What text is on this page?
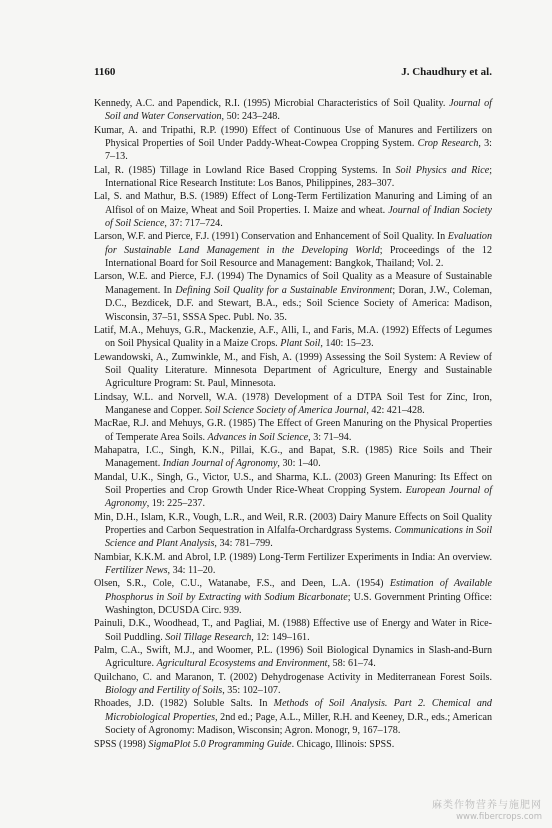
1160	J. Chaudhury et al.

Kennedy, A.C. and Papendick, R.I. (1995) Microbial Characteristics of Soil Quality. Journal of Soil and Water Conservation, 50: 243–248.

Kumar, A. and Tripathi, R.P. (1990) Effect of Continuous Use of Manures and Fertilizers on Physical Properties of Soil Under Paddy-Wheat-Cowpea Cropping System. Crop Research, 3: 7–13.

Lal, R. (1985) Tillage in Lowland Rice Based Cropping Systems. In Soil Physics and Rice; International Rice Research Institute: Los Banos, Philippines, 283–307.

Lal, S. and Mathur, B.S. (1989) Effect of Long-Term Fertilization Manuring and Liming of an Alfisol of on Maize, Wheat and Soil Properties. I. Maize and wheat. Journal of Indian Society of Soil Science, 37: 717–724.

Larson, W.F. and Pierce, F.J. (1991) Conservation and Enhancement of Soil Quality. In Evaluation for Sustainable Land Management in the Developing World; Proceedings of the 12 International Board for Soil Resource and Management: Bangkok, Thailand; Vol. 2.

Larson, W.E. and Pierce, F.J. (1994) The Dynamics of Soil Quality as a Measure of Sustainable Management. In Defining Soil Quality for a Sustainable Environment; Doran, J.W., Coleman, D.C., Bezdicek, D.F. and Stewart, B.A., eds.; Soil Science Society of America: Madison, Wisconsin, 37–51, SSSA Spec. Publ. No. 35.

Latif, M.A., Mehuys, G.R., Mackenzie, A.F., Alli, I., and Faris, M.A. (1992) Effects of Legumes on Soil Physical Quality in a Maize Crops. Plant Soil, 140: 15–23.

Lewandowski, A., Zumwinkle, M., and Fish, A. (1999) Assessing the Soil System: A Review of Soil Quality Literature. Minnesota Department of Agriculture, Energy and Sustainable Agriculture Program: St. Paul, Minnesota.

Lindsay, W.L. and Norvell, W.A. (1978) Development of a DTPA Soil Test for Zinc, Iron, Manganese and Copper. Soil Science Society of America Journal, 42: 421–428.

MacRae, R.J. and Mehuys, G.R. (1985) The Effect of Green Manuring on the Physical Properties of Temperate Area Soils. Advances in Soil Science, 3: 71–94.

Mahapatra, I.C., Singh, K.N., Pillai, K.G., and Bapat, S.R. (1985) Rice Soils and Their Management. Indian Journal of Agronomy, 30: 1–40.

Mandal, U.K., Singh, G., Victor, U.S., and Sharma, K.L. (2003) Green Manuring: Its Effect on Soil Properties and Crop Growth Under Rice-Wheat Cropping System. European Journal of Agronomy, 19: 225–237.

Min, D.H., Islam, K.R., Vough, L.R., and Weil, R.R. (2003) Dairy Manure Effects on Soil Quality Properties and Carbon Sequestration in Alfalfa-Orchardgrass Systems. Communications in Soil Science and Plant Analysis, 34: 781–799.

Nambiar, K.K.M. and Abrol, I.P. (1989) Long-Term Fertilizer Experiments in India: An overview. Fertilizer News, 34: 11–20.

Olsen, S.R., Cole, C.U., Watanabe, F.S., and Deen, L.A. (1954) Estimation of Available Phosphorus in Soil by Extracting with Sodium Bicarbonate; U.S. Government Printing Office: Washington, DCUSDA Circ. 939.

Painuli, D.K., Woodhead, T., and Pagliai, M. (1988) Effective use of Energy and Water in Rice-Soil Puddling. Soil Tillage Research, 12: 149–161.

Palm, C.A., Swift, M.J., and Woomer, P.L. (1996) Soil Biological Dynamics in Slash-and-Burn Agriculture. Agricultural Ecosystems and Environment, 58: 61–74.

Quilchano, C. and Maranon, T. (2002) Dehydrogenase Activity in Mediterranean Forest Soils. Biology and Fertility of Soils, 35: 102–107.

Rhoades, J.D. (1982) Soluble Salts. In Methods of Soil Analysis. Part 2. Chemical and Microbiological Properties, 2nd ed.; Page, A.L., Miller, R.H. and Keeney, D.R., eds.; American Society of Agronomy: Madison, Wisconsin; Agron. Monogr, 9, 167–178.

SPSS (1998) SigmaPlot 5.0 Programming Guide. Chicago, Illinois: SPSS.

麻类作物营养与施肥网
www.fibercrops.com
